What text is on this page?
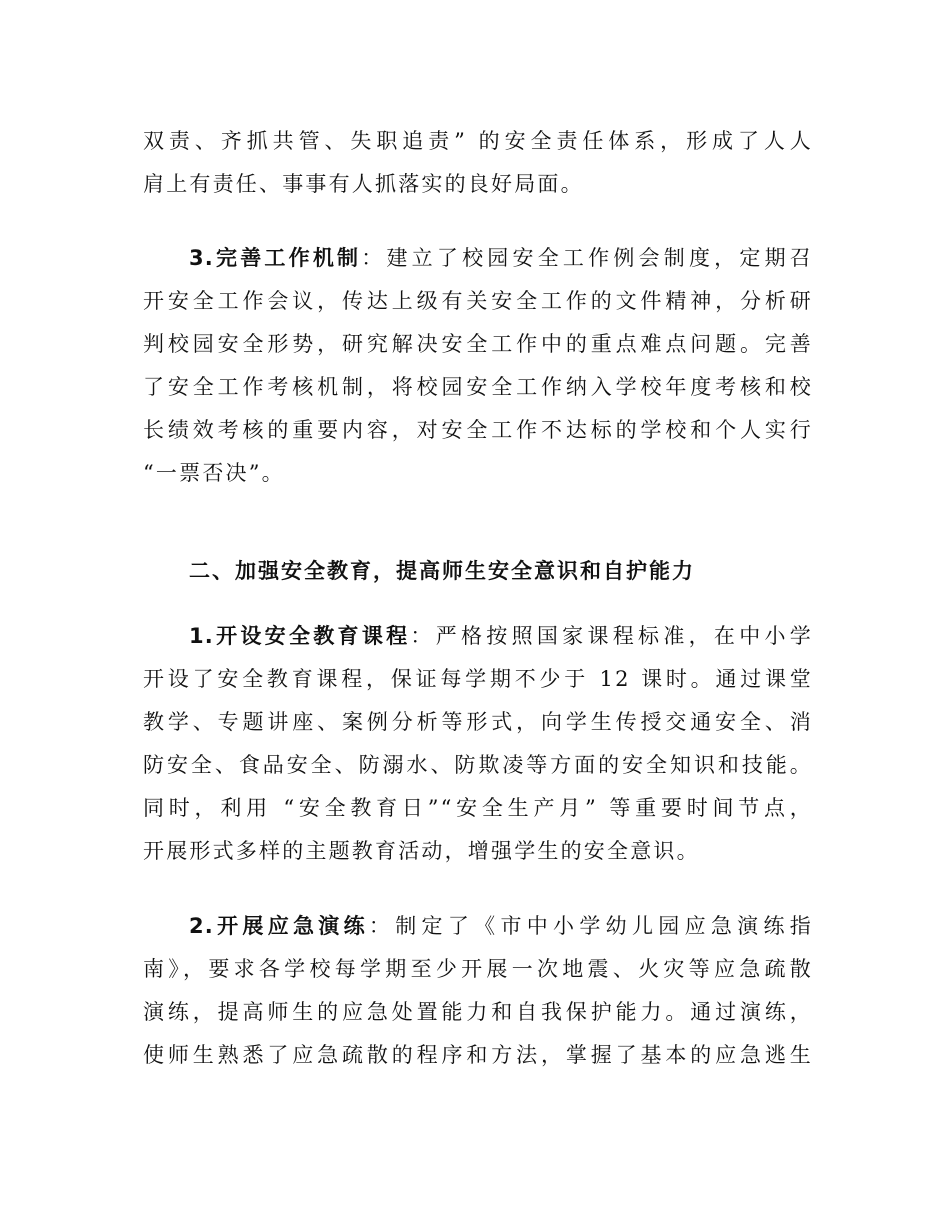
双责、齐抓共管、失职追责” 的安全责任体系，形成了人人
肩上有责任、事事有人抓落实的良好局面。
3.完善工作机制：建立了校园安全工作例会制度，定期召
开安全工作会议，传达上级有关安全工作的文件精神，分析研
判校园安全形势，研究解决安全工作中的重点难点问题。完善
了安全工作考核机制，将校园安全工作纳入学校年度考核和校
长绩效考核的重要内容，对安全工作不达标的学校和个人实行
“一票否决”。
二、加强安全教育，提高师生安全意识和自护能力
1.开设安全教育课程：严格按照国家课程标准，在中小学
开设了安全教育课程，保证每学期不少于 12 课时。通过课堂
教学、专题讲座、案例分析等形式，向学生传授交通安全、消
防安全、食品安全、防溺水、防欺凌等方面的安全知识和技能。
同时，利用 “安全教育日”“安全生产月” 等重要时间节点，
开展形式多样的主题教育活动，增强学生的安全意识。
2.开展应急演练：制定了《市中小学幼儿园应急演练指
南》，要求各学校每学期至少开展一次地震、火灾等应急疏散
演练，提高师生的应急处置能力和自我保护能力。通过演练，
使师生熟悉了应急疏散的程序和方法，掌握了基本的应急逃生
